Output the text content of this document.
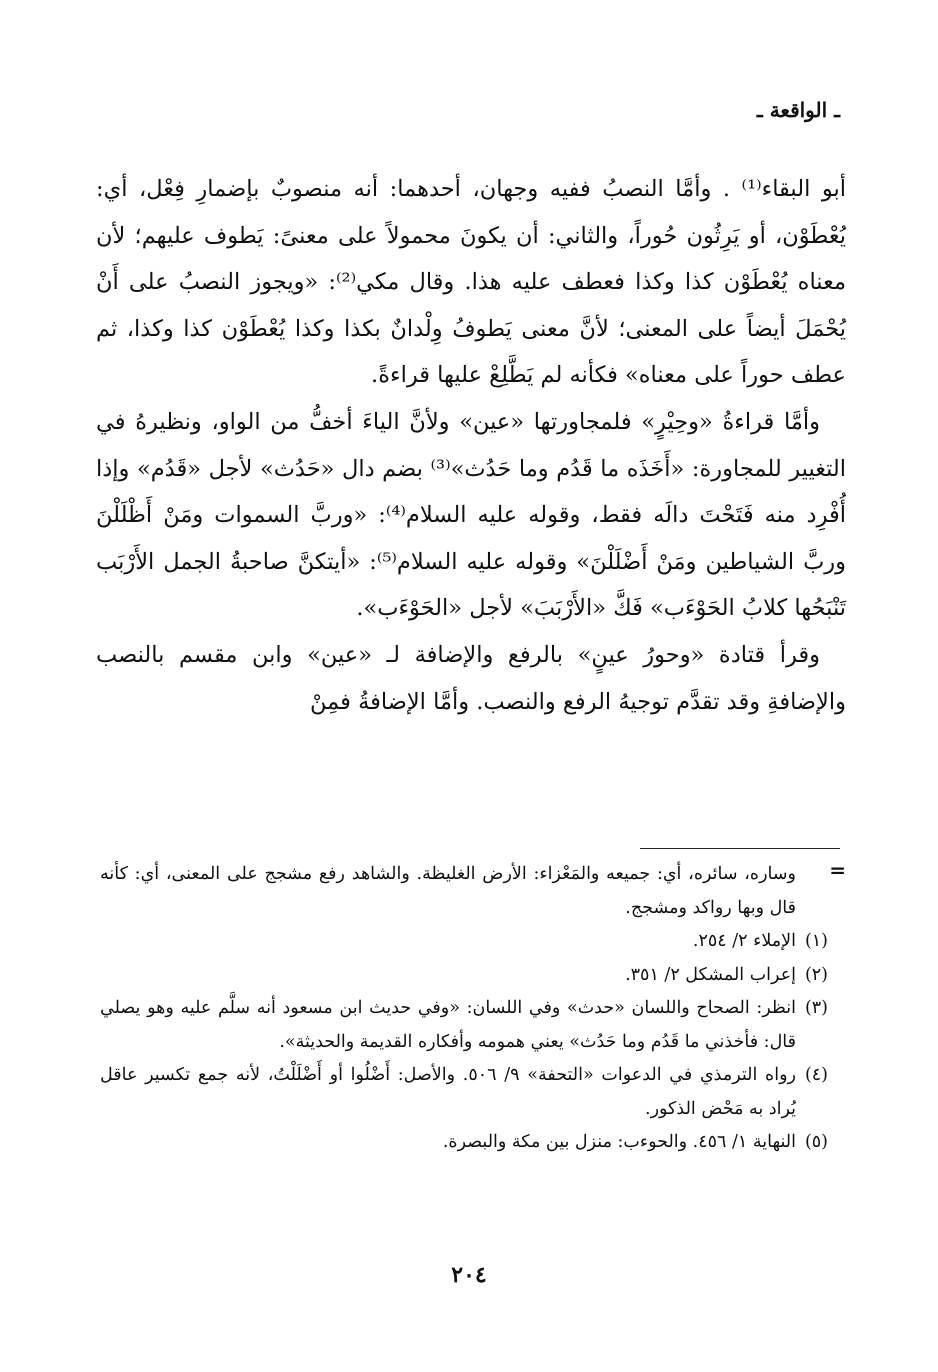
ـ الواقعة ـ

أبو البقاء⁽¹⁾ . وأمَّا النصبُ ففيه وجهان، أحدهما: أنه منصوبٌ بإضمارِ فِعْل، أي: يُعْطَوْن، أو يَرِثُون حُوراً، والثاني: أن يكونَ محمولاً على معنىً: يَطوف عليهم؛ لأن معناه يُعْطَوْن كذا وكذا فعطف عليه هذا. وقال مكي⁽²⁾: «ويجوز النصبُ على أَنْ يُحْمَلَ أيضاً على المعنى؛ لأنَّ معنى يَطوفُ وِلْدانٌ بكذا وكذا يُعْطَوْن كذا وكذا، ثم عطف حوراً على معناه» فكأنه لم يَطَّلِعْ عليها قراءةً.

وأمَّا قراءةُ «وحِيْرٍ» فلمجاورتها «عين» ولأنَّ الياءَ أخفُّ من الواو، ونظيرهُ في التغيير للمجاورة: «أَخَذَه ما قَدُم وما حَدُث»⁽³⁾ بضم دال «حَدُث» لأجل «قَدُم» وإذا أُفْرِد منه فَتَحْتَ دالَه فقط، وقوله عليه السلام⁽⁴⁾: «وربَّ السموات ومَنْ أَظْلَلْنَ وربَّ الشياطين ومَنْ أَضْلَلْنَ» وقوله عليه السلام⁽⁵⁾: «أيتكنَّ صاحبةُ الجمل الأَرْبَب تَنْبَحُها كلابُ الحَوْءَب» فَكَّ «الأَرْبَبَ» لأجل «الحَوْءَب».

وقرأ قتادة «وحورُ عينٍ» بالرفع والإضافة لـ «عين» وابن مقسم بالنصب والإضافةِ وقد تقدَّم توجيهُ الرفع والنصب. وأمَّا الإضافةُ فمِنْ

=

وساره، سائره، أي: جميعه والمَعْزاء: الأرض الغليظة. والشاهد رفع مشجج على المعنى، أي: كأنه قال وبها رواكد ومشجج.

(١)
الإملاء ٢/ ٢٥٤.
(٢)
إعراب المشكل ٢/ ٣٥١.
(٣)
انظر: الصحاح واللسان «حدث» وفي اللسان: «وفي حديث ابن مسعود أنه سلَّم عليه وهو يصلي قال: فأخذني ما قَدُم وما حَدُث» يعني همومه وأفكاره القديمة والحديثة».
(٤)
رواه الترمذي في الدعوات «التحفة» ٩/ ٥٠٦. والأصل: أَضْلُوا أو أَضْلَلْتُ، لأنه جمع تكسير عاقل يُراد به مَحْض الذكور.
(٥)
النهاية ١/ ٤٥٦. والحوءب: منزل بين مكة والبصرة.
٢٠٤
